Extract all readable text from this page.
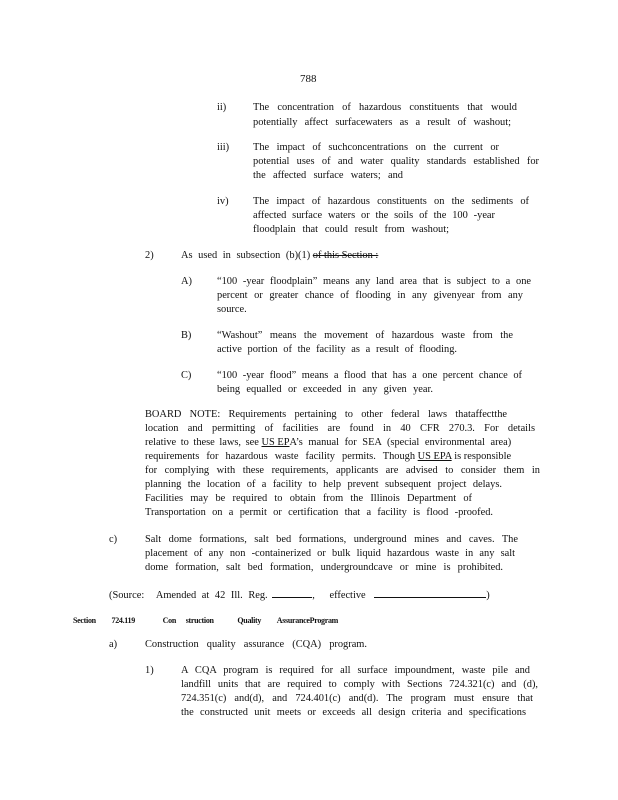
788
ii)	The concentration of hazardous constituents that would
potentially affect surfacewaters as a result of washout;
iii) The impact of suchconcentrations on the current or
potential uses of and water quality standards established for
the affected surface waters; and
iv) The impact of hazardous constituents on the sediments of
affected surface waters or the soils of the 100 -year
floodplain that could result from washout;
2)	As used in subsection (b)(1) of this Section :
A) “100 -year floodplain” means any land area that is subject to a one
percent or greater chance of flooding in any givenyear from any
source.
B) “Washout” means the movement of hazardous waste from the
active portion of the facility as a result of flooding.
C) “100 -year flood” means a flood that has a one percent chance of
being equalled or exceeded in any given year.
BOARD NOTE: Requirements pertaining to other federal laws thataffectthe
location and permitting of facilities are found in 40 CFR 270.3. For details
relative to these laws, see US EPA’s manual for SEA (special environmental area)
requirements for hazardous waste facility permits. Though US EPA is responsible
for complying with these requirements, applicants are advised to consider them in
planning the location of a facility to help prevent subsequent project delays.
Facilities may be required to obtain from the Illinois Department of
Transportation on a permit or certification that a facility is flood -proofed.
c)	Salt dome formations, salt bed formations, underground mines and caves. The
placement of any non -containerized or bulk liquid hazardous waste in any salt
dome formation, salt bed formation, undergroundcave or mine is prohibited.
(Source: Amended at 42 Ill. Reg.	, effective	)
Section 724.119	Con struction	Quality AssuranceProgram
a)	Construction quality assurance (CQA) program.
1)	A CQA program is required for all surface impoundment, waste pile and
landfill units that are required to comply with Sections 724.321(c) and (d),
724.351(c) and(d), and 724.401(c) and(d). The program must ensure that
the constructed unit meets or exceeds all design criteria and specifications
